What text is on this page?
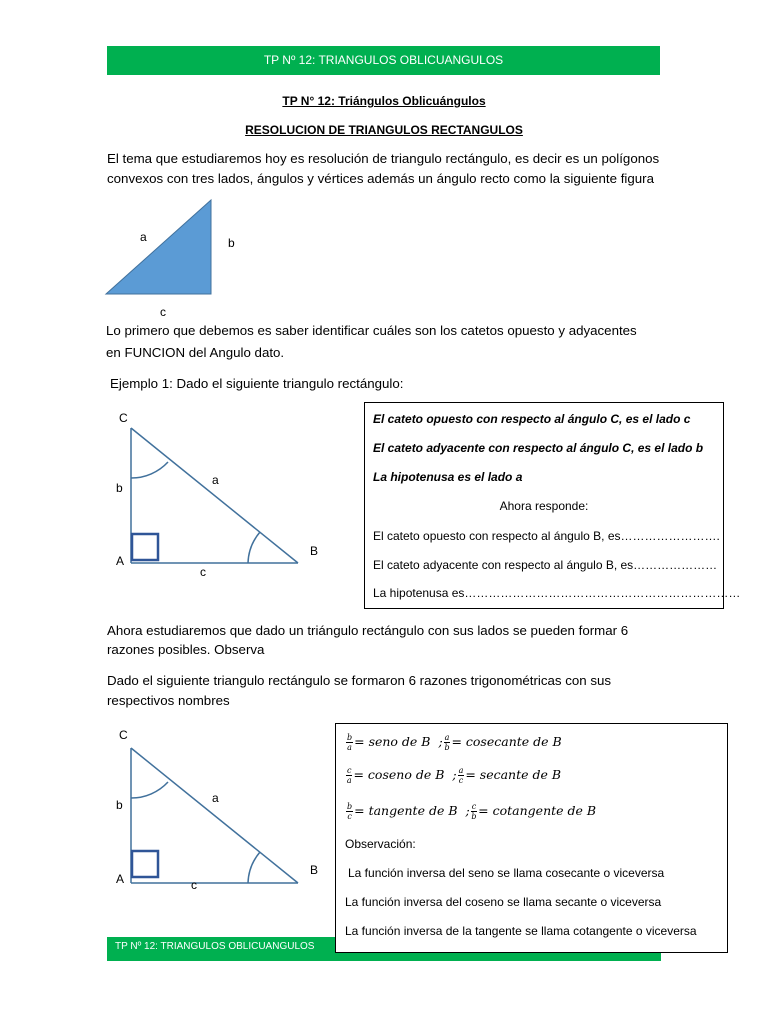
TP Nº 12: TRIANGULOS OBLICUANGULOS
TP N° 12: Triángulos Oblicuángulos
RESOLUCION DE TRIANGULOS RECTANGULOS
El tema que estudiaremos hoy es resolución de triangulo rectángulo, es decir es un polígonos
convexos con tres lados, ángulos y vértices además un ángulo recto como la siguiente figura
a	b
c
Lo primero que debemos es saber identificar cuáles son los catetos opuesto y adyacentes
en FUNCION del Angulo dato.
Ejemplo 1: Dado el siguiente triangulo rectángulo:
C
b
a
A
B
c
El cateto opuesto con respecto al ángulo C, es el lado c
El cateto adyacente con respecto al ángulo C, es el lado b
La hipotenusa es el lado a
Ahora responde:
El cateto opuesto con respecto al ángulo B, es…………………….
El cateto adyacente con respecto al ángulo B, es…………………
La hipotenusa es……………………………………………………………
Ahora estudiaremos que dado un triángulo rectángulo con sus lados se pueden formar 6
razones posibles. Observa
Dado el siguiente triangulo rectángulo se formaron 6 razones trigonométricas con sus
respectivos nombres
C
b	a
A
B
c
TP Nº 12: TRIANGULOS OBLICUANGULOS
$\frac{b}{a}$ = seno de B ; $\frac{a}{b}$ = cosecante de B
$\frac{c}{a}$ = coseno de B ; $\frac{a}{c}$ = secante de B
$\frac{b}{c}$ = tangente de B ; $\frac{c}{b}$ = cotangente de B
Observación:
La función inversa del seno se llama cosecante o viceversa
La función inversa del coseno se llama secante o viceversa
La función inversa de la tangente se llama cotangente o viceversa
